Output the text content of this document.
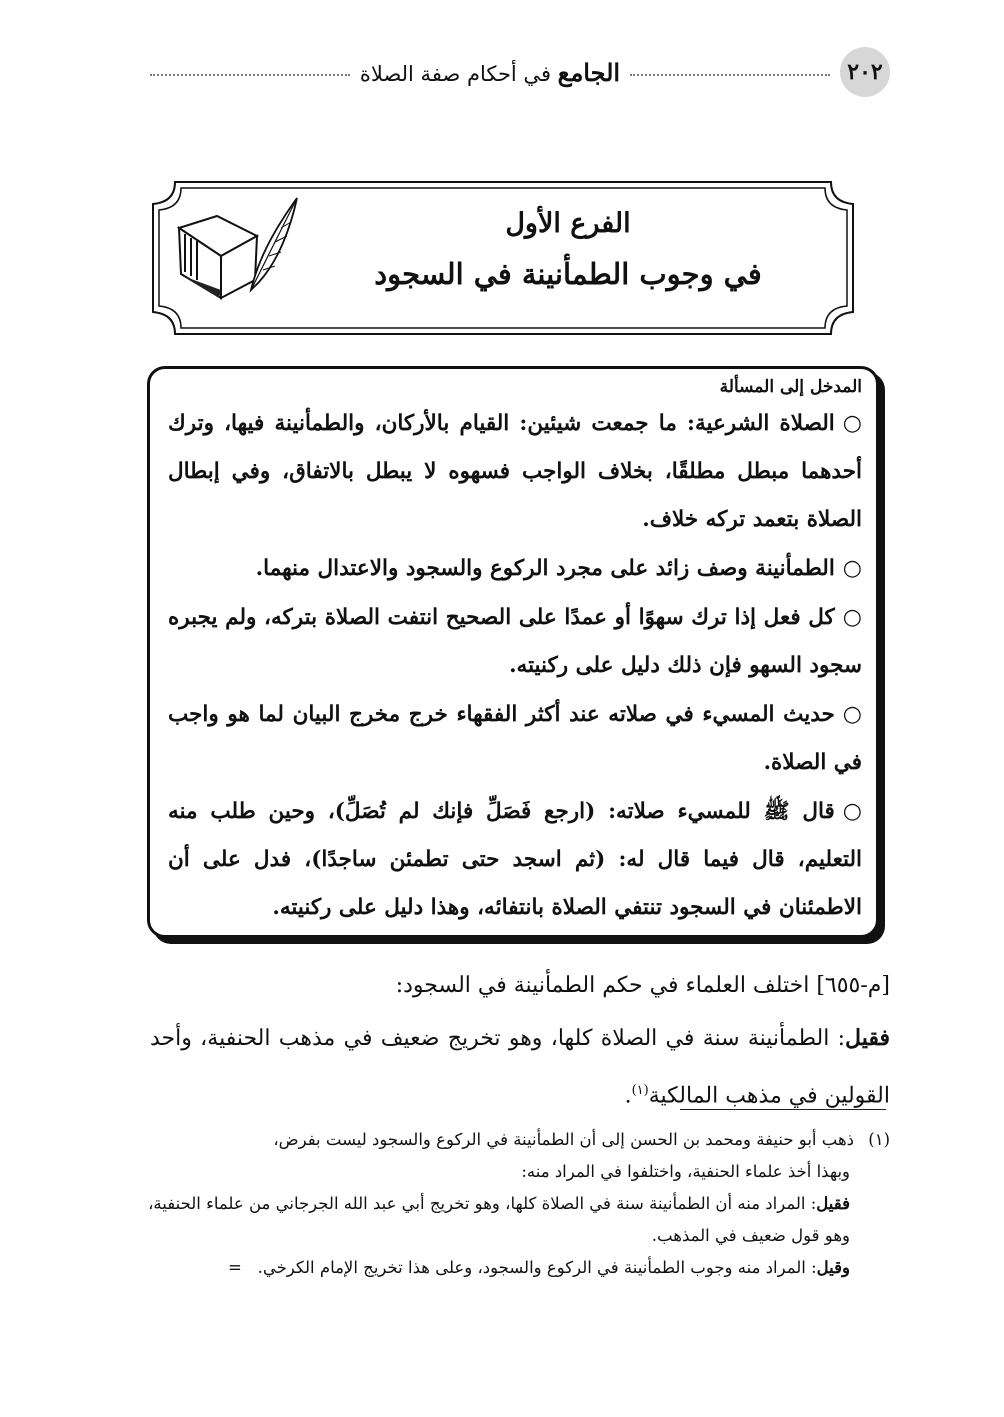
٢٠٢
الجامع في أحكام صفة الصلاة
الفرع الأول
في وجوب الطمأنينة في السجود
المدخل إلى المسألة
○الصلاة الشرعية: ما جمعت شيئين: القيام بالأركان، والطمأنينة فيها، وترك أحدهما مبطل مطلقًا، بخلاف الواجب فسهوه لا يبطل بالاتفاق، وفي إبطال الصلاة بتعمد تركه خلاف.
○الطمأنينة وصف زائد على مجرد الركوع والسجود والاعتدال منهما.
○كل فعل إذا ترك سهوًا أو عمدًا على الصحيح انتفت الصلاة بتركه، ولم يجبره سجود السهو فإن ذلك دليل على ركنيته.
○حديث المسيء في صلاته عند أكثر الفقهاء خرج مخرج البيان لما هو واجب في الصلاة.
○قال ﷺ للمسيء صلاته: (ارجع فَصَلِّ فإنك لم تُصَلِّ)، وحين طلب منه التعليم، قال فيما قال له: (ثم اسجد حتى تطمئن ساجدًا)، فدل على أن الاطمئنان في السجود تنتفي الصلاة بانتفائه، وهذا دليل على ركنيته.

[م-٦٥٥] اختلف العلماء في حكم الطمأنينة في السجود:

فقيل: الطمأنينة سنة في الصلاة كلها، وهو تخريج ضعيف في مذهب الحنفية، وأحد القولين في مذهب المالكية$^{(١)}$.

(١)ذهب أبو حنيفة ومحمد بن الحسن إلى أن الطمأنينة في الركوع والسجود ليست بفرض،

وبهذا أخذ علماء الحنفية، واختلفوا في المراد منه:

فقيل: المراد منه أن الطمأنينة سنة في الصلاة كلها، وهو تخريج أبي عبد الله الجرجاني من علماء الحنفية، وهو قول ضعيف في المذهب.

وقيل: المراد منه وجوب الطمأنينة في الركوع والسجود، وعلى هذا تخريج الإمام الكرخي.   =
